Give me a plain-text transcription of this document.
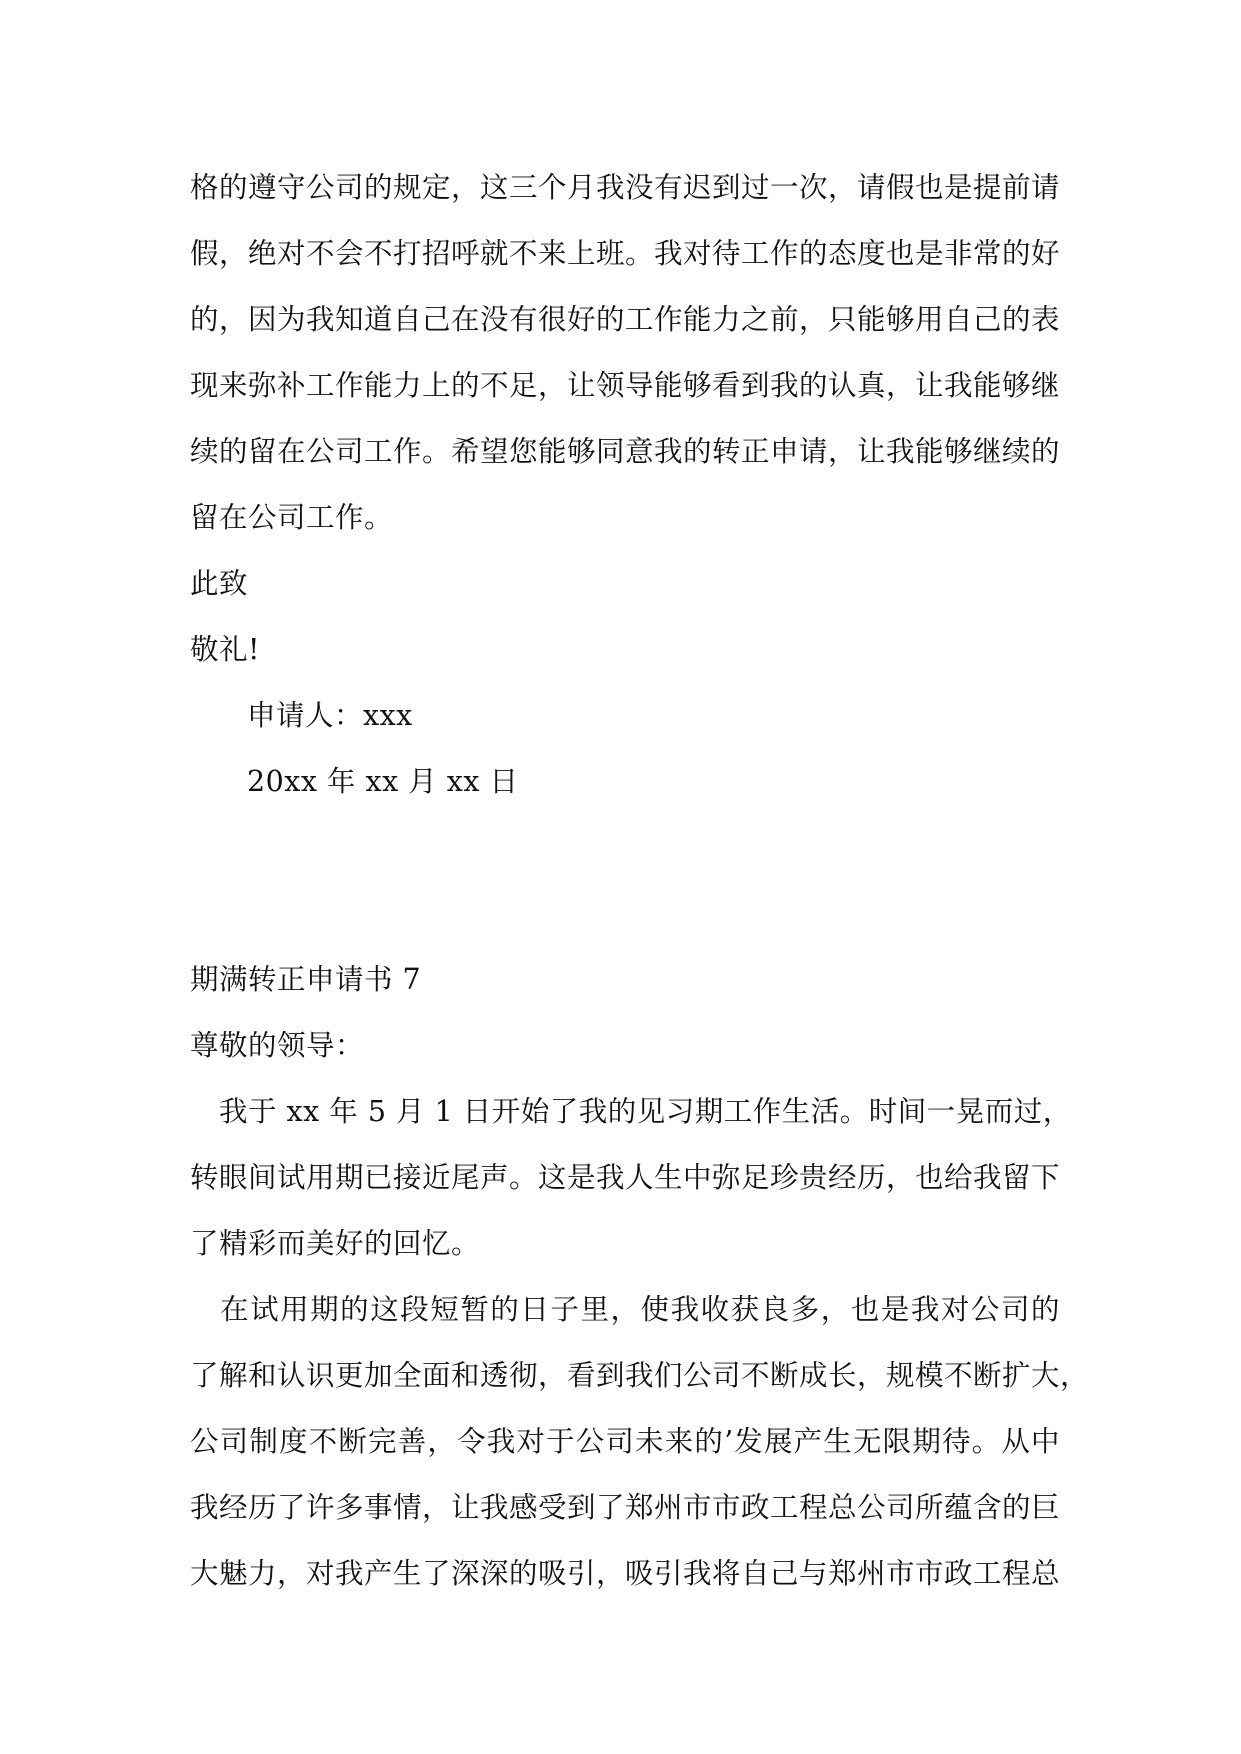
格的遵守公司的规定，这三个月我没有迟到过一次，请假也是提前请
假，绝对不会不打招呼就不来上班。我对待工作的态度也是非常的好
的，因为我知道自己在没有很好的工作能力之前，只能够用自己的表
现来弥补工作能力上的不足，让领导能够看到我的认真，让我能够继
续的留在公司工作。希望您能够同意我的转正申请，让我能够继续的
留在公司工作。
此致
敬礼!
申请人：xxx
20xx 年 xx 月 xx 日
期满转正申请书 7
尊敬的领导：
　我于 xx 年 5 月 1 日开始了我的见习期工作生活。时间一晃而过，
转眼间试用期已接近尾声。这是我人生中弥足珍贵经历，也给我留下
了精彩而美好的回忆。
　在试用期的这段短暂的日子里，使我收获良多，也是我对公司的
了解和认识更加全面和透彻，看到我们公司不断成长，规模不断扩大，
公司制度不断完善，令我对于公司未来的’发展产生无限期待。从中
我经历了许多事情，让我感受到了郑州市市政工程总公司所蕴含的巨
大魅力，对我产生了深深的吸引，吸引我将自己与郑州市市政工程总
